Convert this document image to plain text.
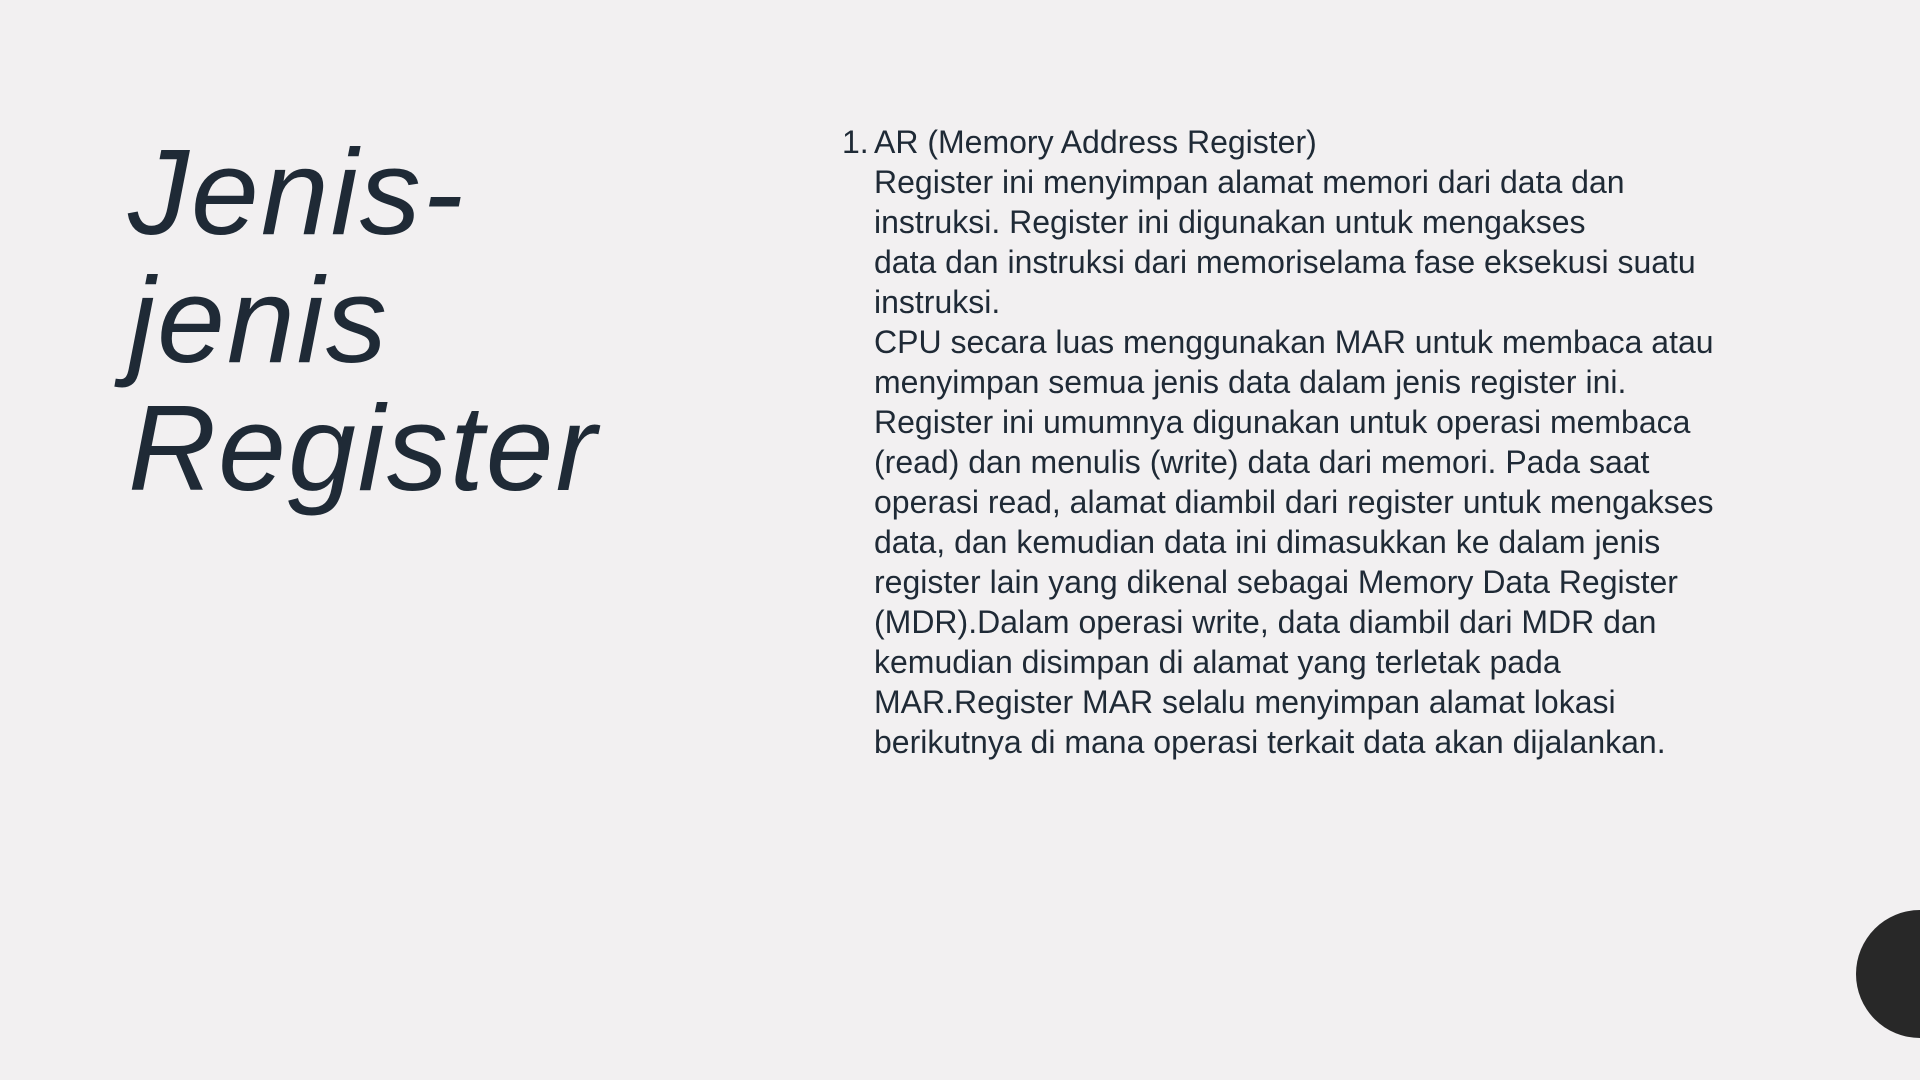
Jenis-
jenis
Register
1. AR (Memory Address Register)
Register ini menyimpan alamat memori dari data dan
instruksi. Register ini digunakan untuk mengakses
data dan instruksi dari memoriselama fase eksekusi suatu
instruksi.
CPU secara luas menggunakan MAR untuk membaca atau
menyimpan semua jenis data dalam jenis register ini.
Register ini umumnya digunakan untuk operasi membaca
(read) dan menulis (write) data dari memori. Pada saat
operasi read, alamat diambil dari register untuk mengakses
data, dan kemudian data ini dimasukkan ke dalam jenis
register lain yang dikenal sebagai Memory Data Register
(MDR).Dalam operasi write, data diambil dari MDR dan
kemudian disimpan di alamat yang terletak pada
MAR.Register MAR selalu menyimpan alamat lokasi
berikutnya di mana operasi terkait data akan dijalankan.
